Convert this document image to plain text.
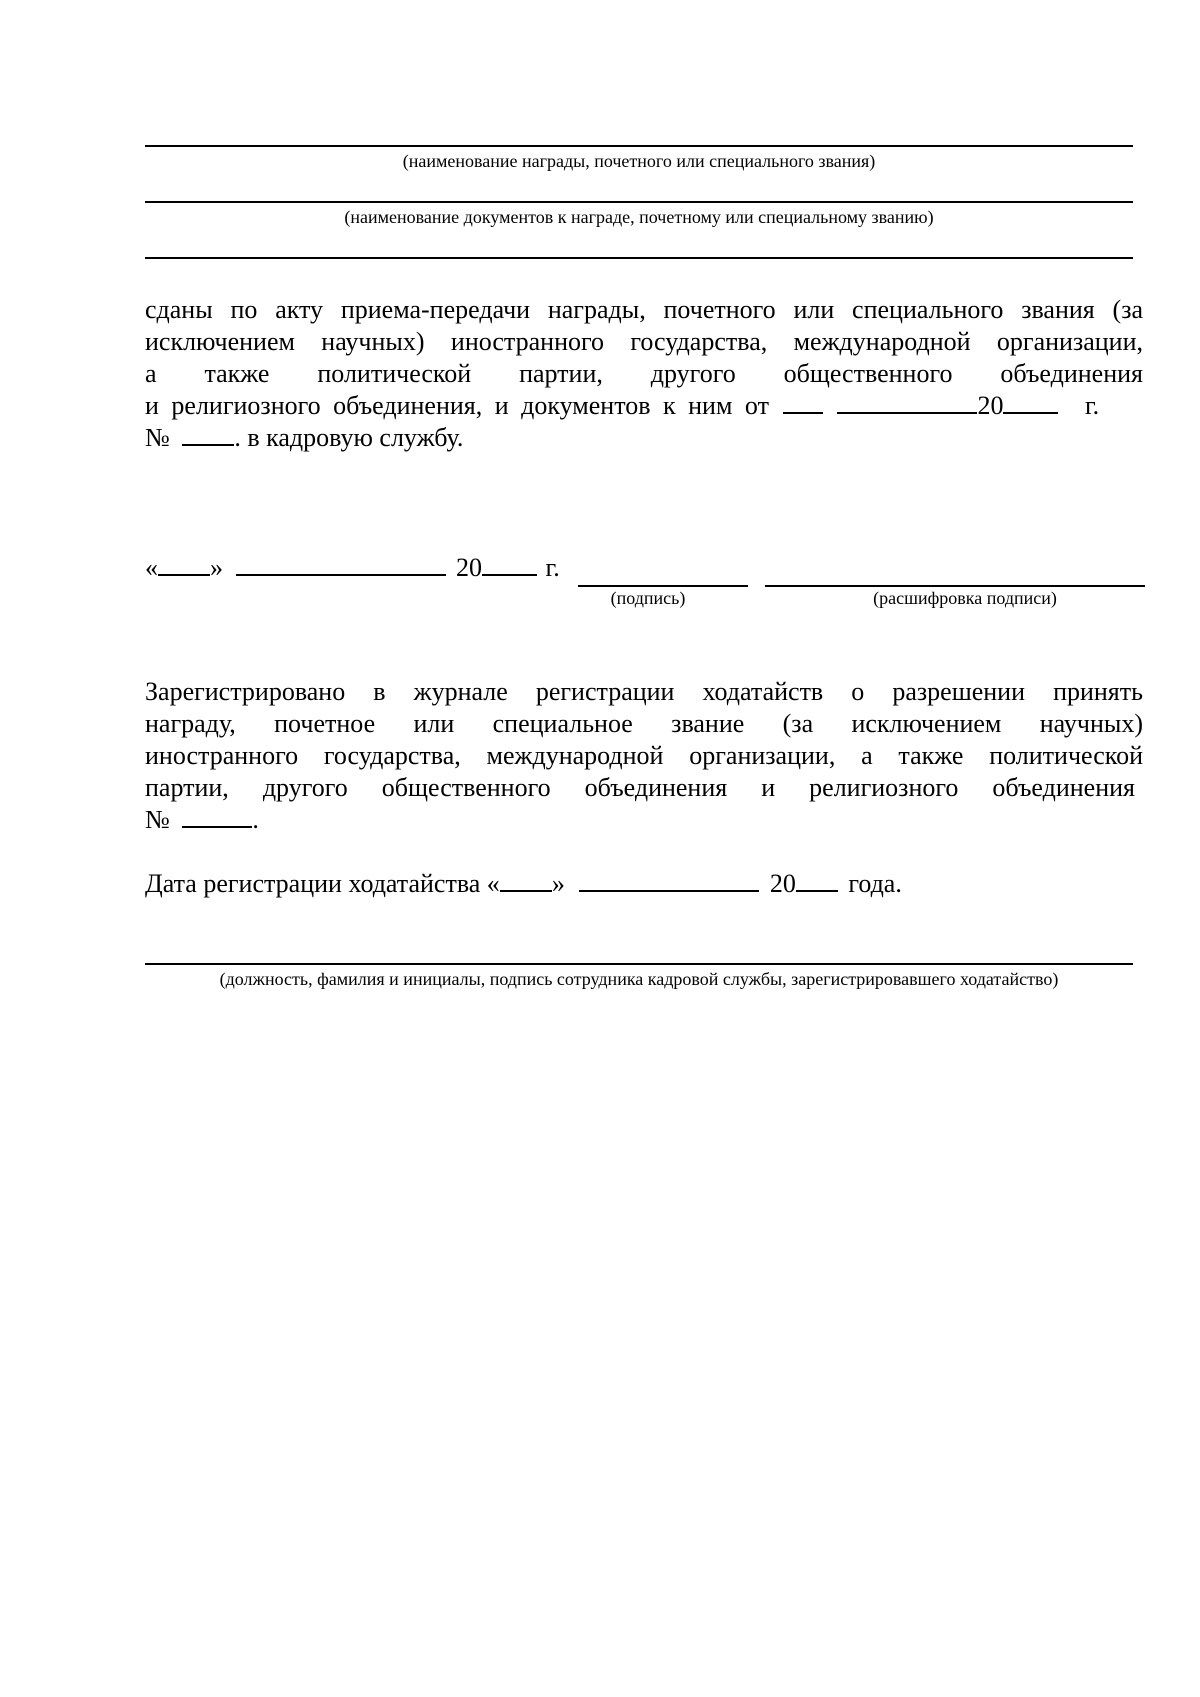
(наименование награды, почетного или специального звания)
(наименование документов к награде, почетному или специальному званию)
сданы по акту приема-передачи награды, почетного или специального звания (за
исключением научных) иностранного государства, международной организации,
а также политической партии, другого общественного объединения
и религиозного объединения, и документов к ним от	20	г.
№ . в кадровую службу.
« »	20 г.
(подпись)	(расшифровка подписи)
Зарегистрировано в журнале регистрации ходатайств о разрешении принять
награду, почетное или специальное звание (за исключением научных)
иностранного государства, международной организации, а также политической
партии, другого общественного объединения и религиозного объединения
№	.
Дата регистрации ходатайства « »	20 года.
(должность, фамилия и инициалы, подпись сотрудника кадровой службы, зарегистрировавшего ходатайство)
